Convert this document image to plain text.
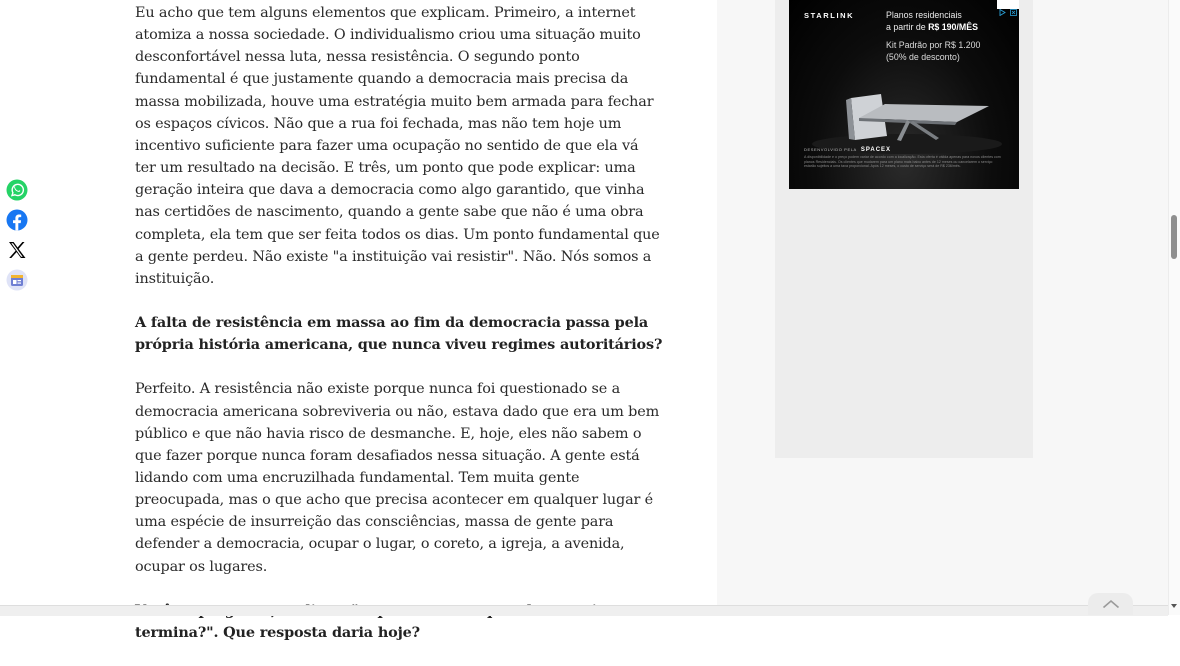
Eu acho que tem alguns elementos que explicam. Primeiro, a internet atomiza a nossa sociedade. O individualismo criou uma situação muito desconfortável nessa luta, nessa resistência. O segundo ponto fundamental é que justamente quando a democracia mais precisa da massa mobilizada, houve uma estratégia muito bem armada para fechar os espaços cívicos. Não que a rua foi fechada, mas não tem hoje um incentivo suficiente para fazer uma ocupação no sentido de que ela vá ter um resultado na decisão. E três, um ponto que pode explicar: uma geração inteira que dava a democracia como algo garantido, que vinha nas certidões de nascimento, quando a gente sabe que não é uma obra completa, ela tem que ser feita todos os dias. Um ponto fundamental que a gente perdeu. Não existe "a instituição vai resistir". Não. Nós somos a instituição.

A falta de resistência em massa ao fim da democracia passa pela própria história americana, que nunca viveu regimes autoritários?

Perfeito. A resistência não existe porque nunca foi questionado se a democracia americana sobreviveria ou não, estava dado que era um bem público e que não havia risco de desmanche. E, hoje, eles não sabem o que fazer porque nunca foram desafiados nessa situação. A gente está lidando com uma encruzilhada fundamental. Tem muita gente preocupada, mas o que acho que precisa acontecer em qualquer lugar é uma espécie de insurreição das consciências, massa de gente para defender a democracia, ocupar o lugar, o coreto, a igreja, a avenida, ocupar os lugares.

termina?". Que resposta daria hoje?

STARLINK	Planos residenciais
a partir de R$ 190/MÊS
Kit Padrão por R$ 1.200
(50% de desconto)
DESENVOLVIDO PELA SPACEX
A disponibilidade e o preço podem variar de acordo com a localização. Esta oferta é válida apenas para novos clientes com planos Residenciais. Os clientes que mudarem para um plano mais baixo antes de 12 meses ou cancelarem o serviço estarão sujeitos a uma taxa proporcional. Após 12 meses, o custo de serviço será de R$ 236/mês.
